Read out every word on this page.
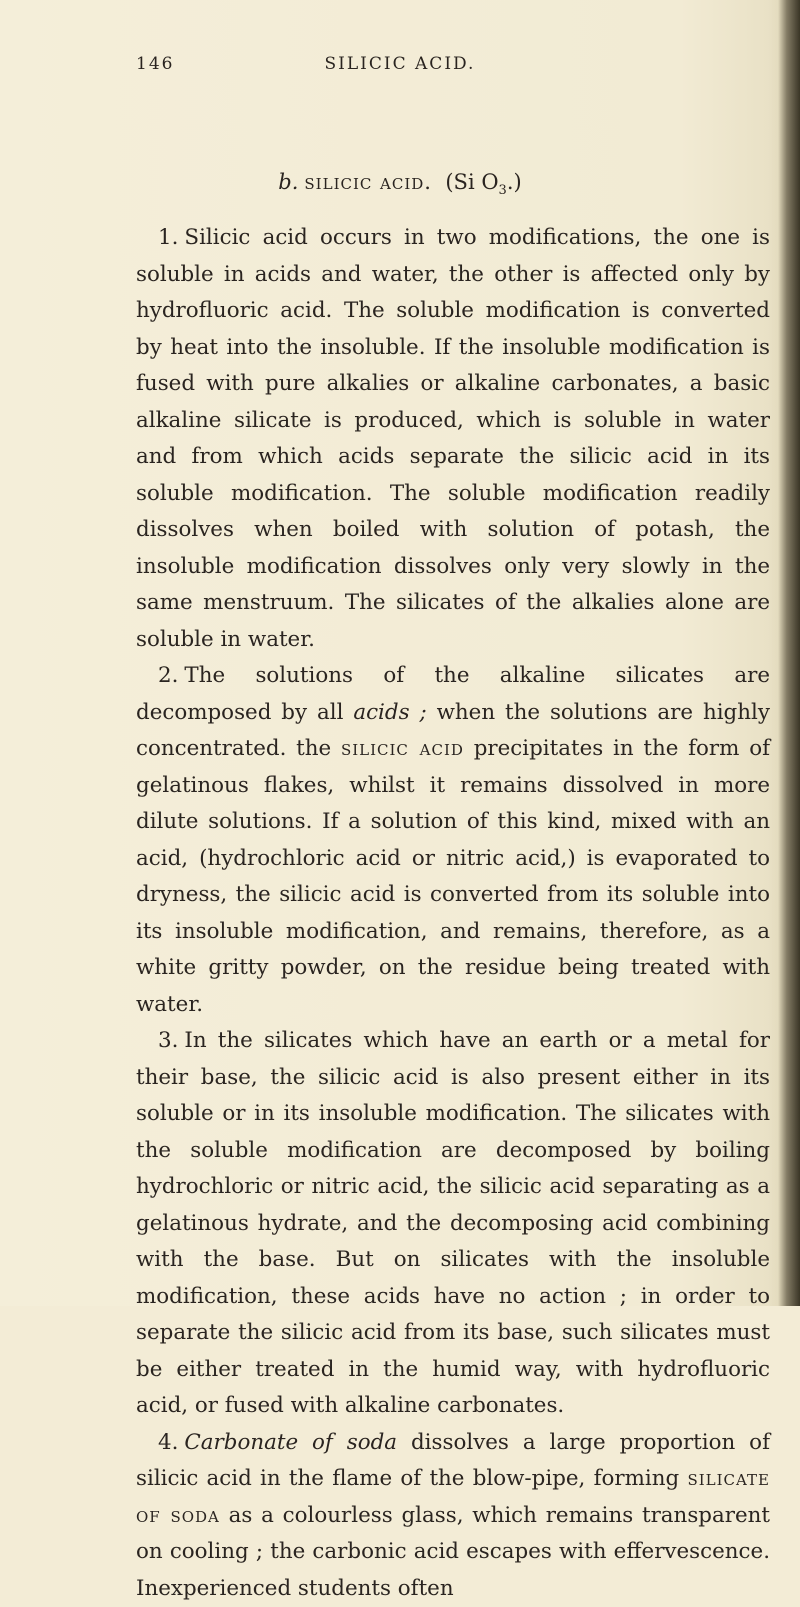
146	SILICIC ACID.
b. silicic acid. (Si $O_3$.)

1. Silicic acid occurs in two modifications, the one is soluble in acids and water, the other is affected only by hydrofluoric acid. The soluble modification is converted by heat into the insoluble. If the insoluble modification is fused with pure alkalies or alkaline carbonates, a basic alkaline silicate is produced, which is soluble in water and from which acids separate the silicic acid in its soluble modification. The soluble modification readily dissolves when boiled with solution of potash, the insoluble modification dissolves only very slowly in the same menstruum. The silicates of the alkalies alone are soluble in water.

2. The solutions of the alkaline silicates are decomposed by all acids ; when the solutions are highly concentrated. the silicic acid precipitates in the form of gelatinous flakes, whilst it remains dissolved in more dilute solutions. If a solution of this kind, mixed with an acid, (hydrochloric acid or nitric acid,) is evaporated to dryness, the silicic acid is converted from its soluble into its insoluble modification, and remains, therefore, as a white gritty powder, on the residue being treated with water.

3. In the silicates which have an earth or a metal for their base, the silicic acid is also present either in its soluble or in its insoluble modification. The silicates with the soluble modification are decomposed by boiling hydrochloric or nitric acid, the silicic acid separating as a gelatinous hydrate, and the decomposing acid combining with the base. But on silicates with the insoluble modification, these acids have no action ; in order to separate the silicic acid from its base, such silicates must be either treated in the humid way, with hydrofluoric acid, or fused with alkaline carbonates.

4. Carbonate of soda dissolves a large proportion of silicic acid in the flame of the blow-pipe, forming silicate of soda as a colourless glass, which remains transparent on cooling ; the carbonic acid escapes with effervescence. Inexperienced students often
